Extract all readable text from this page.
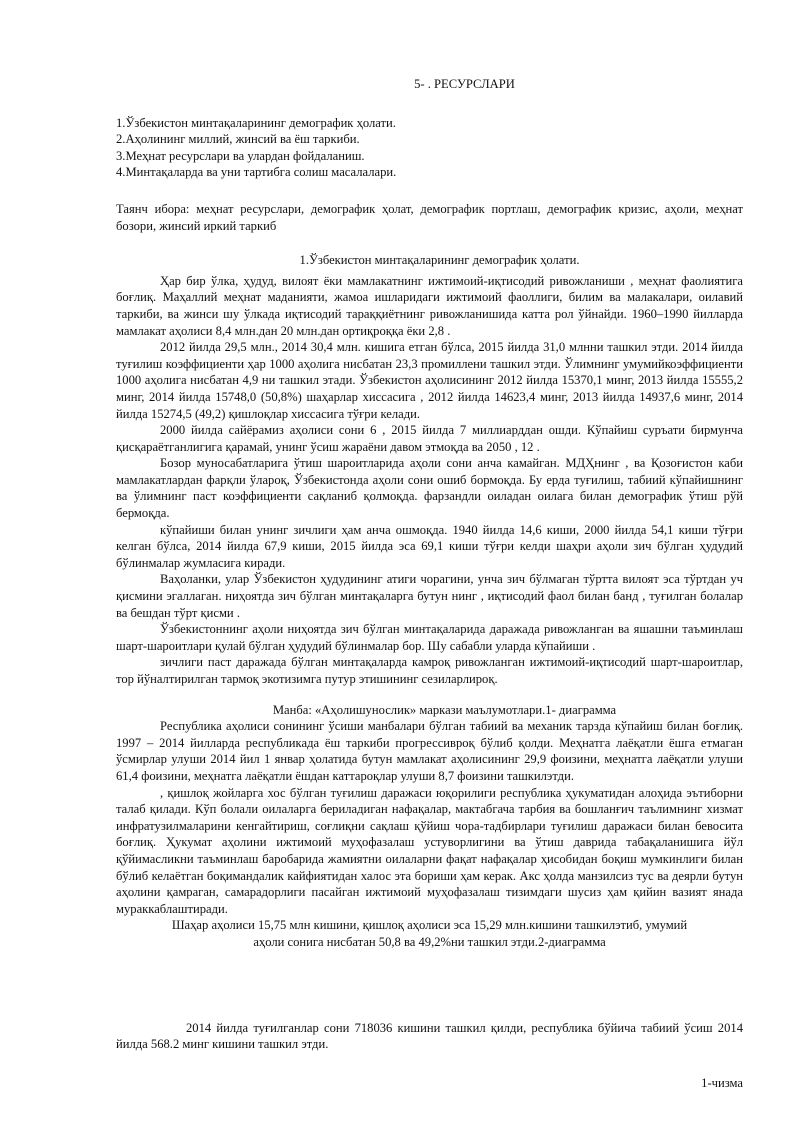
5- . РЕСУРСЛАРИ
1.Ўзбекистон минтақаларининг демографик ҳолати.
2.Аҳолининг миллий, жинсий ва ёш таркиби.
3.Меҳнат ресурслари ва улардан фойдаланиш.
4.Минтақаларда ва уни тартибга солиш масалалари.
Таянч ибора: меҳнат ресурслари, демографик ҳолат, демографик портлаш, демографик кризис, аҳоли, меҳнат бозори, жинсий иркий таркиб
1.Ўзбекистон минтақаларининг демографик ҳолати.

Ҳар бир ўлка, ҳудуд, вилоят ёки мамлакатнинг ижтимоий-иқтисодий ривожланиши , меҳнат фаолиятига боғлиқ. Маҳаллий меҳнат маданияти, жамоа ишларидаги ижтимоий фаоллиги, билим ва малакалари, оилавий таркиби, ва жинси шу ўлкада иқтисодий тараққиётнинг ривожланишида катта рол ўйнайди. 1960–1990 йилларда мамлакат аҳолиси 8,4 млн.дан 20 млн.дан ортиқроққа ёки 2,8 .

2012 йилда 29,5 млн., 2014 30,4 млн. кишига етган бўлса, 2015 йилда 31,0 млнни ташкил этди. 2014 йилда туғилиш коэффициенти ҳар 1000 аҳолига нисбатан 23,3 промиллени ташкил этди. Ўлимнинг умумийкоэффициенти 1000 аҳолига нисбатан 4,9 ни ташкил этади. Ўзбекистон аҳолисининг 2012 йилда 15370,1 минг, 2013 йилда 15555,2 минг, 2014 йилда 15748,0 (50,8%) шаҳарлар хиссасига , 2012 йилда 14623,4 минг, 2013 йилда 14937,6 минг, 2014 йилда 15274,5 (49,2) қишлоқлар хиссасига тўғри келади.

2000 йилда сайёрамиз аҳолиси сони 6 , 2015 йилда 7 миллиарддан ошди. Кўпайиш суръати бирмунча қисқараётганлигига қарамай, унинг ўсиш жараёни давом этмоқда ва 2050 , 12 .

Бозор муносабатларига ўтиш шароитларида аҳоли сони анча камайган. МДҲнинг , ва Қозоғистон каби мамлакатлардан фарқли ўлароқ, Ўзбекистонда аҳоли сони ошиб бормоқда. Бу ерда туғилиш, табиий кўпайишнинг ва ўлимнинг паст коэффициенти сақланиб қолмоқда. фарзандли оиладан оилага билан демографик ўтиш рўй бермоқда.

кўпайиши билан унинг зичлиги ҳам анча ошмоқда. 1940 йилда 14,6 киши, 2000 йилда 54,1 киши тўғри келган бўлса, 2014 йилда 67,9 киши, 2015 йилда эса 69,1 киши тўғри келди шаҳри аҳоли зич бўлган ҳудудий бўлинмалар жумласига киради.

Ваҳоланки, улар Ўзбекистон ҳудудининг атиги чорагини, унча зич бўлмаган тўртта вилоят эса тўртдан уч қисмини эгаллаган. ниҳоятда зич бўлган минтақаларга бутун нинг , иқтисодий фаол билан банд , туғилган болалар ва бешдан тўрт қисми .

Ўзбекистоннинг аҳоли ниҳоятда зич бўлган минтақаларида даражада ривожланган ва яшашни таъминлаш шарт-шароитлари қулай бўлган ҳудудий бўлинмалар бор. Шу сабабли уларда кўпайиши .

зичлиги паст даражада бўлган минтақаларда камроқ ривожланган ижтимоий-иқтисодий шарт-шароитлар, тор йўналтирилган тармоқ экотизимга путур этишининг сезиларлироқ.

Манба: «Аҳолишунослик» маркази маълумотлари.1- диаграмма

Республика аҳолиси сонининг ўсиши манбалари бўлган табиий ва механик тарзда кўпайиш билан боғлиқ. 1997 – 2014 йилларда республикада ёш таркиби прогрессивроқ бўлиб қолди. Меҳнатга лаёқатли ёшга етмаган ўсмирлар улуши 2014 йил 1 январ ҳолатида бутун мамлакат аҳолисининг 29,9 фоизини, меҳнатга лаёқатли улуши 61,4 фоизини, меҳнатга лаёқатли ёшдан каттароқлар улуши 8,7 фоизини ташкилэтди.

, қишлоқ жойларга хос бўлган туғилиш даражаси юқорилиги республика ҳукуматидан алоҳида эътиборни талаб қилади. Кўп болали оилаларга бериладиган нафақалар, мактабгача тарбия ва бошланғич таълимнинг хизмат инфратузилмаларини кенгайтириш, соғлиқни сақлаш қўйиш чора-тадбирлари туғилиш даражаси билан бевосита боғлиқ. Ҳукумат аҳолини ижтимоий муҳофазалаш устуворлигини ва ўтиш даврида табақаланишига йўл қўйимасликни таъминлаш баробарида жамиятни оилаларни фақат нафақалар ҳисобидан боқиш мумкинлиги билан бўлиб келаётган боқимандалик кайфиятидан халос эта бориши ҳам керак. Акс ҳолда манзилсиз тус ва деярли бутун аҳолини қамраган, самарадорлиги пасайган ижтимоий муҳофазалаш тизимдаги шусиз ҳам қийин вазият янада мураккаблаштиради.

Шаҳар аҳолиси 15,75 млн кишини, қишлоқ аҳолиси эса 15,29 млн.кишини ташкилэтиб, умумий
аҳоли сонига нисбатан 50,8 ва 49,2%ни ташкил этди.2-диаграмма

2014 йилда туғилганлар сони 718036 кишини ташкил қилди, республика бўйича табиий ўсиш 2014 йилда 568.2 минг кишини ташкил этди.

1-чизма
